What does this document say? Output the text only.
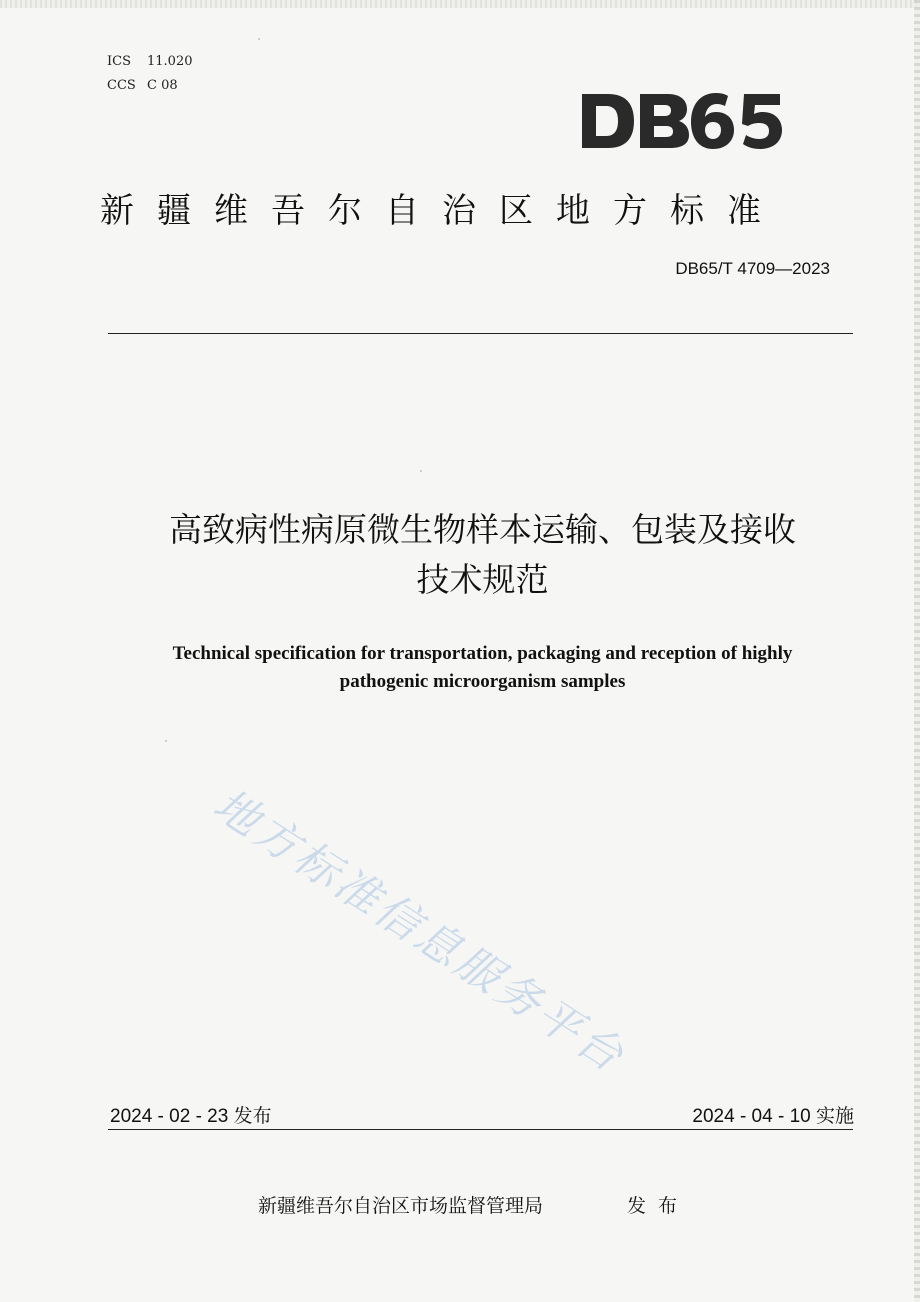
ICS 11.020
CCS C 08
新疆维吾尔自治区地方标准
DB65/T 4709—2023
高致病性病原微生物样本运输、包装及接收
技术规范
Technical specification for transportation, packaging and reception of highly
pathogenic microorganism samples
地方标准信息服务平台
2024 - 02 - 23 发布	2024 - 04 - 10 实施
新疆维吾尔自治区市场监督管理局	发布
